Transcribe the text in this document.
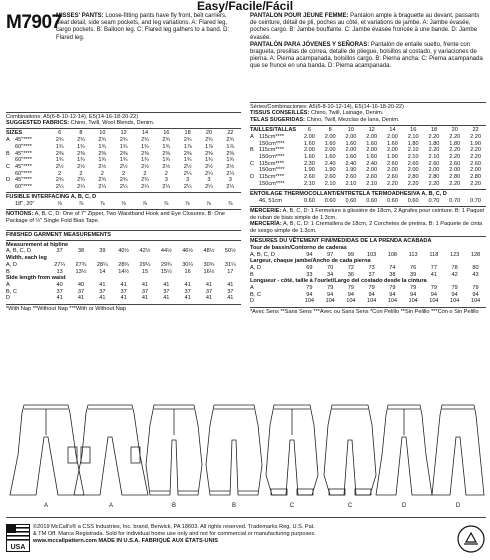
Easy/Facile/Fácil
M7907
MISSES' PANTS: Loose-fitting pants have fly front, belt carriers, pleat detail, side seam pockets, and leg variations. A: Flared leg, cargo pockets. B: Balloon leg. C: Flared leg gathers to a band. D: Flared leg.
PANTALON POUR JEUNE FEMME: Pantalon ample à braguette au devant, passants de ceinture, détail de pli, poches au côté, et variations de jambe. A: Jambe évasée, poches cargo. B: Jambe bouffante. C: Jambe évasée froncée à une bande. D: Jambe évasée.
PANTALÓN PARA JÓVENES Y SEÑORAS: Pantalón de entalle suelto, frente con bragueta, presillas de correa, detalle de pliegue, bolsillos al costado, y variaciones de pierna. A: Pierna acampanada, bolsillos cargo. B: Pierna ancha. C: Pierna acampanada que se frunce en una banda. D: Pierna acampanada.
Combinations: A5(6-8-10-12-14), E5(14-16-18-20-22)
SUGGESTED FABRICS: Chino, Twill, Wool Blends, Denim.
SIZES		6	8	10	12	14	16	18	20	22
A	45"****	2¾	2¾	2¾	2¾	2¾	2¾	2¾	2¾	2¾
	60"****	1¾	1¾	1¾	1¾	1¾	1¾	1⅞	1⅞	1⅞
B	45"****	2⅜	2⅜	2⅜	2⅜	2⅜	2⅜	2⅜	2⅜	2⅜
	60"****	1¾	1¾	1¾	1¾	1¾	1¾	1¾	1¾	1¾
C	45"****	2½	2½	2½	2½	2½	2½	2½	2½	2½
	60"****	2	2	2	2	2	2	2¼	2¼	2¼
D	45"****	2¾	2¾	2¾	2¾	2¾	3	3	3	3
	60"****	2¼	2¼	2¼	2¼	2¼	2¼	2¼	2¼	2¼
FUSIBLE INTERFACING A, B, C, D
	18", 20"	⅞	⅞	⅞	⅞	⅞	⅞	⅞	⅞	⅞
NOTIONS: A, B, C, D: One of 7" Zipper, Two Waistband Hook and Eye Closures. B: One Package of ½" Single Fold Bias Tape.
FINISHED GARMENT MEASUREMENTS
Measurement at hipline									
A, B, C, D	37	38	39	40½	42½	44½	46½	48½	50½
Width, each leg									
A, D	27¼	27¾	28¼	28¾	29¼	29¾	30¼	30¾	31¼
B	13	13½	14	14½	15	15½	16	16½	17
Side length from waist									
A	40	40	41	41	41	41	41	41	41
B, C	37	37	37	37	37	37	37	37	37
D	41	41	41	41	41	41	41	41	41
*With Nap **Without Nap ***With or Without Nap
Séries/Combinaciones: A5(6-8-10-12-14), E5(14-16-18-20-22)
TISSUS CONSEILLÉS: Chino, Twill, Lainage, Denim.
TELAS SUGERIDAS: Chino, Twill, Mezclas de lana, Denim.
TAILLES/TALLAS		6	8	10	12	14	16	18	20	22
A	115cm****	2.00	2.00	2.00	2.00	2.00	2.10	2.20	2.20	2.20
	150cm****	1.60	1.60	1.60	1.60	1.60	1.80	1.80	1.80	1.90
B	115cm****	2.00	2.00	2.00	2.00	2.00	2.10	2.20	2.20	2.20
	150cm****	1.60	1.60	1.60	1.60	1.90	2.10	2.10	2.20	2.20
C	115cm****	2.30	2.40	2.40	2.40	2.60	2.60	2.60	2.60	2.60
	150cm****	1.90	1.90	1.90	2.00	2.00	2.00	2.00	2.00	2.00
D	115cm****	2.60	2.60	2.60	2.60	2.60	2.80	2.80	2.80	2.80
	150cm****	2.10	2.10	2.10	2.10	2.20	2.20	2.20	2.20	2.20
ENTOILAGE THERMOCOLLANT/ENTRETELA TERMOADHESIVA A, B, C, D
	46, 51cm	0.60	0.60	0.60	0.60	0.60	0.60	0.70	0.70	0.70
MERCERIE: A, B, C, D: 1 Fermeture à glissière de 18cm, 2 Agrafes pour ceinture. B: 1 Paquet de ruban de biais simple de 1.3cm.
MERCERÍA: A, B, C, D: 1 Cremallera de 18cm, 2 Corchetes de pretina. B: 1 Paquete de cinta de sesgo simple de 1.3cm.
MESURES DU VÊTEMENT FINI/MEDIDAS DE LA PRENDA ACABADA
Tour de bassin/Contorno de caderas									
A, B, C, D	94	97	99	103	108	113	118	123	128
Largeur, chaque jambe/Ancho de cada pierna									
A, D	69	70	72	73	74	76	77	78	80
B	33	34	36	37	38	39	41	42	43
Longueur - côté, taille à l'ourlet/Largo del costado desde la cintura									
A	79	79	79	79	79	79	79	79	79
B, C	94	94	94	94	94	94	94	94	94
D	104	104	104	104	104	104	104	104	104
*Avec Sens **Sans Sens ***Avec ou Sans Sens *Con Pelillo **Sin Pelillo ***Con o Sin Pelillo
A	A	B	B	C	C	D	D
USA
©2019 McCall's® a CSS Industries, Inc. brand, Berwick, PA 18603. All rights reserved. Trademarks Reg. U.S. Pat.
& TM Off. Marca Registrada. Sold for individual home use only and not for commercial or manufacturing purposes.
www.mccallpattern.com MADE IN U.S.A. FABRIQUÉ AUX ÉTATS-UNIS
